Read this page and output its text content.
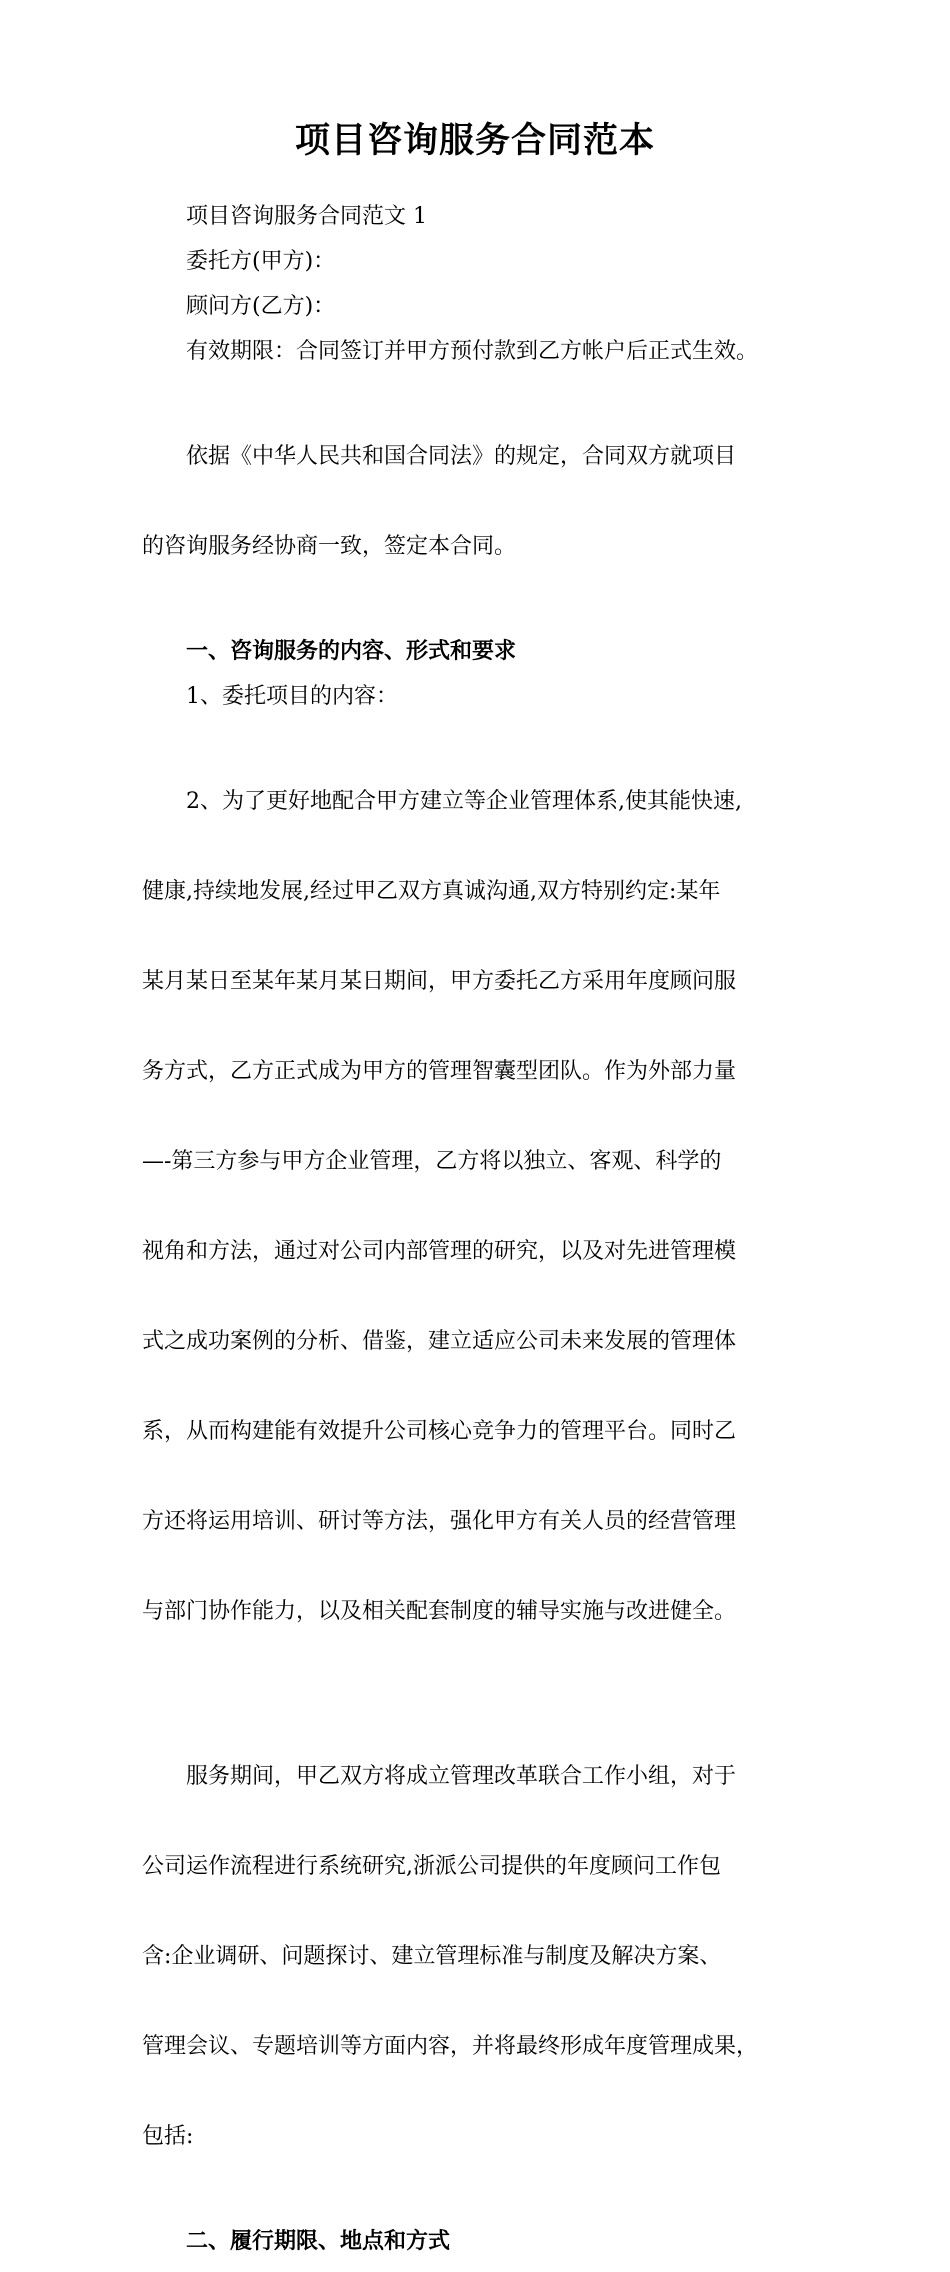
项目咨询服务合同范本

项目咨询服务合同范文 1

委托方(甲方)：

顾问方(乙方)：

有效期限：合同签订并甲方预付款到乙方帐户后正式生效。

依据《中华人民共和国合同法》的规定，合同双方就项目

的咨询服务经协商一致，签定本合同。

一、咨询服务的内容、形式和要求

1、委托项目的内容：

2、为了更好地配合甲方建立等企业管理体系,使其能快速,

健康,持续地发展,经过甲乙双方真诚沟通,双方特别约定:某年

某月某日至某年某月某日期间，甲方委托乙方采用年度顾问服

务方式，乙方正式成为甲方的管理智囊型团队。作为外部力量

—-第三方参与甲方企业管理，乙方将以独立、客观、科学的

视角和方法，通过对公司内部管理的研究，以及对先进管理模

式之成功案例的分析、借鉴，建立适应公司未来发展的管理体

系，从而构建能有效提升公司核心竞争力的管理平台。同时乙

方还将运用培训、研讨等方法，强化甲方有关人员的经营管理

与部门协作能力，以及相关配套制度的辅导实施与改进健全。

服务期间，甲乙双方将成立管理改革联合工作小组，对于

公司运作流程进行系统研究,浙派公司提供的年度顾问工作包

含:企业调研、问题探讨、建立管理标准与制度及解决方案、

管理会议、专题培训等方面内容，并将最终形成年度管理成果，

包括:

二、履行期限、地点和方式
